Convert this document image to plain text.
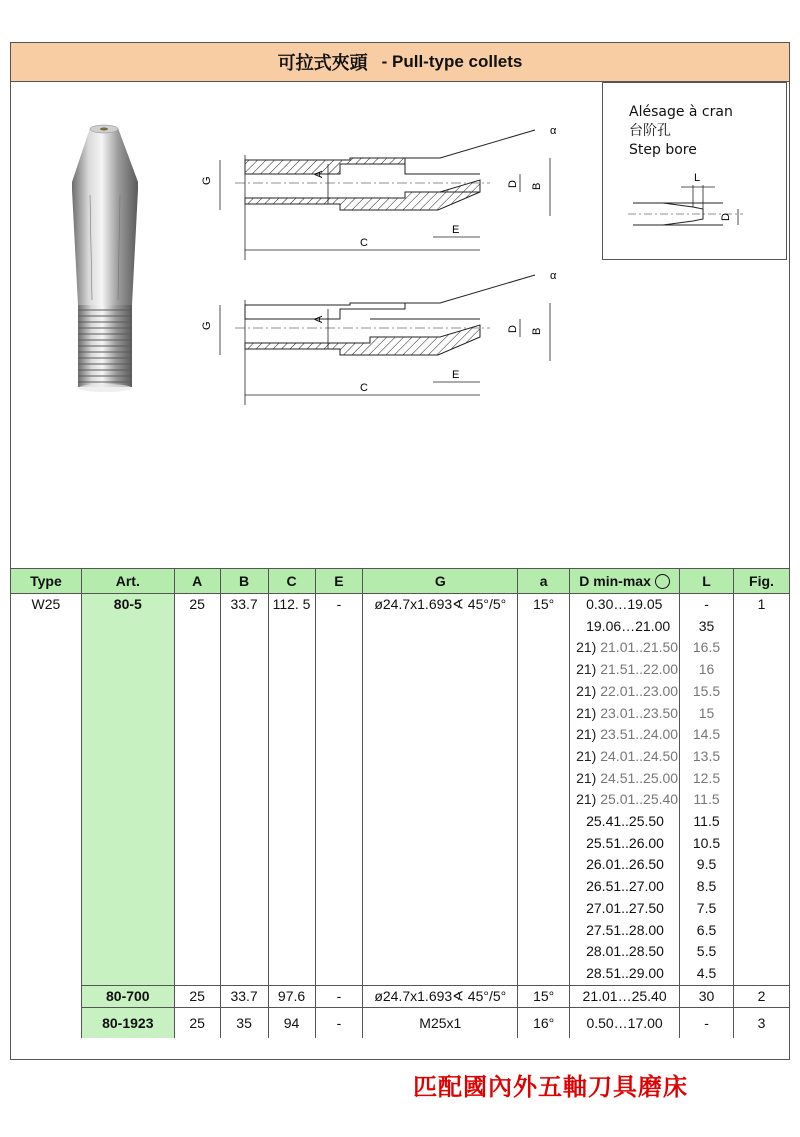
可拉式夾頭 - Pull-type collets
G
A
D B
C
E
α
G
A
D B
C
E
α
Alésage à cran
台阶孔
Step bore
L
D
Type	Art.	A	B	C	E	G	a	D min-max	L	Fig.
W25	80-5	25	33.7	112. 5	-	ø24.7x1.693∢ 45°/5°	15°	0.30…19.05	-	1
								19.06…21.00	35	
								21) 21.01..21.50	16.5	
								21) 21.51..22.00	16	
								21) 22.01..23.00	15.5	
								21) 23.01..23.50	15	
								21) 23.51..24.00	14.5	
								21) 24.01..24.50	13.5	
								21) 24.51..25.00	12.5	
								21) 25.01..25.40	11.5	
								25.41..25.50	11.5	
								25.51..26.00	10.5	
								26.01..26.50	9.5	
								26.51..27.00	8.5	
								27.01..27.50	7.5	
								27.51..28.00	6.5	
								28.01..28.50	5.5	
								28.51..29.00	4.5	
	80-700	25	33.7	97.6	-	ø24.7x1.693∢ 45°/5°	15°	21.01…25.40	30	2
	80-1923	25	35	94	-	M25x1	16°	0.50…17.00	-	3
匹配國內外五軸刀具磨床
